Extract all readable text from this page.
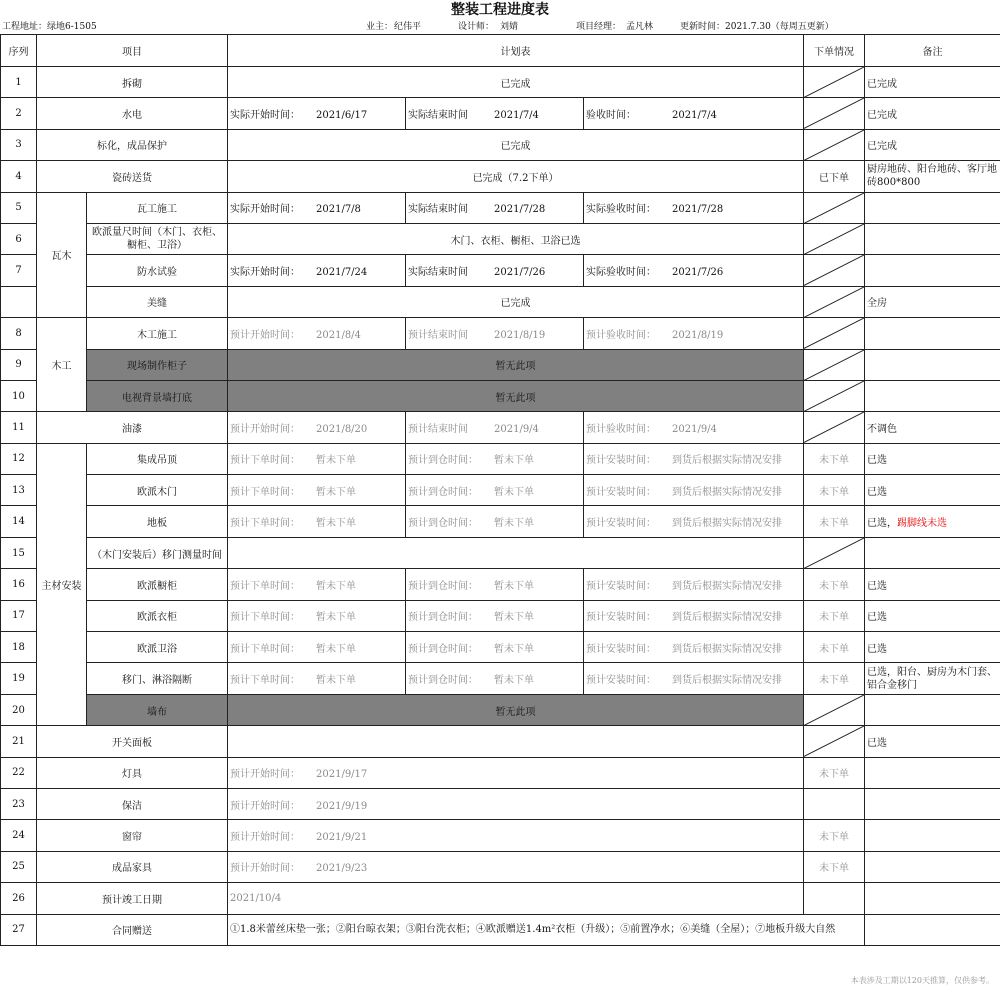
整装工程进度表
工程地址：绿地6-1505	业主： 纪伟平	设计师： 刘婧	项目经理： 孟凡林	更新时间：2021.7.30（每周五更新）
序列	项目		计划表			下单情况	备注
1	拆砌		已完成				已完成
2	水电		实际开始时间： 2021/6/17	实际结束时间 2021/7/4	验收时间： 2021/7/4		已完成
3	标化，成品保护		已完成				已完成
4	瓷砖送货		已完成（7.2下单）			已下单	厨房地砖、阳台地砖、客厅地砖800*800
5	瓦木	瓦工施工	实际开始时间： 2021/7/8	实际结束时间 2021/7/28	实际验收时间： 2021/7/28	

6		欧派量尺时间（木门、衣柜、橱柜、卫浴）	木门、衣柜、橱柜、卫浴已选	

7		防水试验	实际开始时间： 2021/7/24	实际结束时间 2021/7/26	实际验收时间： 2021/7/26	

		美缝	已完成				全房
8	木工	木工施工	预计开始时间： 2021/8/4	预计结束时间 2021/8/19	预计验收时间： 2021/8/19	

9		现场制作柜子	暂无此项	

10		电视背景墙打底	暂无此项	

11	油漆		预计开始时间： 2021/8/20	预计结束时间 2021/9/4	预计验收时间： 2021/9/4		不调色
12	主材安装	集成吊顶	预计下单时间： 暂未下单	预计到仓时间： 暂未下单	预计安装时间： 到货后根据实际情况安排	未下单	已选
13		欧派木门	预计下单时间： 暂未下单	预计到仓时间： 暂未下单	预计安装时间： 到货后根据实际情况安排	未下单	已选
14		地板	预计下单时间： 暂未下单	预计到仓时间： 暂未下单	预计安装时间： 到货后根据实际情况安排	未下单	已选，踢脚线未选
15		（木门安装后）移门测量时间		

16		欧派橱柜	预计下单时间： 暂未下单	预计到仓时间： 暂未下单	预计安装时间： 到货后根据实际情况安排	未下单	已选
17		欧派衣柜	预计下单时间： 暂未下单	预计到仓时间： 暂未下单	预计安装时间： 到货后根据实际情况安排	未下单	已选
18		欧派卫浴	预计下单时间： 暂未下单	预计到仓时间： 暂未下单	预计安装时间： 到货后根据实际情况安排	未下单	已选
19		移门、淋浴隔断	预计下单时间： 暂未下单	预计到仓时间： 暂未下单	预计安装时间： 到货后根据实际情况安排	未下单	已选，阳台、厨房为木门套、铝合金移门
20		墙布	暂无此项	

21	开关面板						已选
22	灯具		预计开始时间： 2021/9/17			未下单	
23	保洁		预计开始时间： 2021/9/19				
24	窗帘		预计开始时间： 2021/9/21			未下单	
25	成品家具		预计开始时间： 2021/9/23			未下单	
26	预计竣工日期		2021/10/4				
27	合同赠送		①1.8米蕾丝床垫一张；②阳台晾衣架；③阳台洗衣柜；④欧派赠送1.4m²衣柜（升级）；⑤前置净水；⑥美缝（全屋）；⑦地板升级大自然				
本表涉及工期以120天推算，仅供参考。
